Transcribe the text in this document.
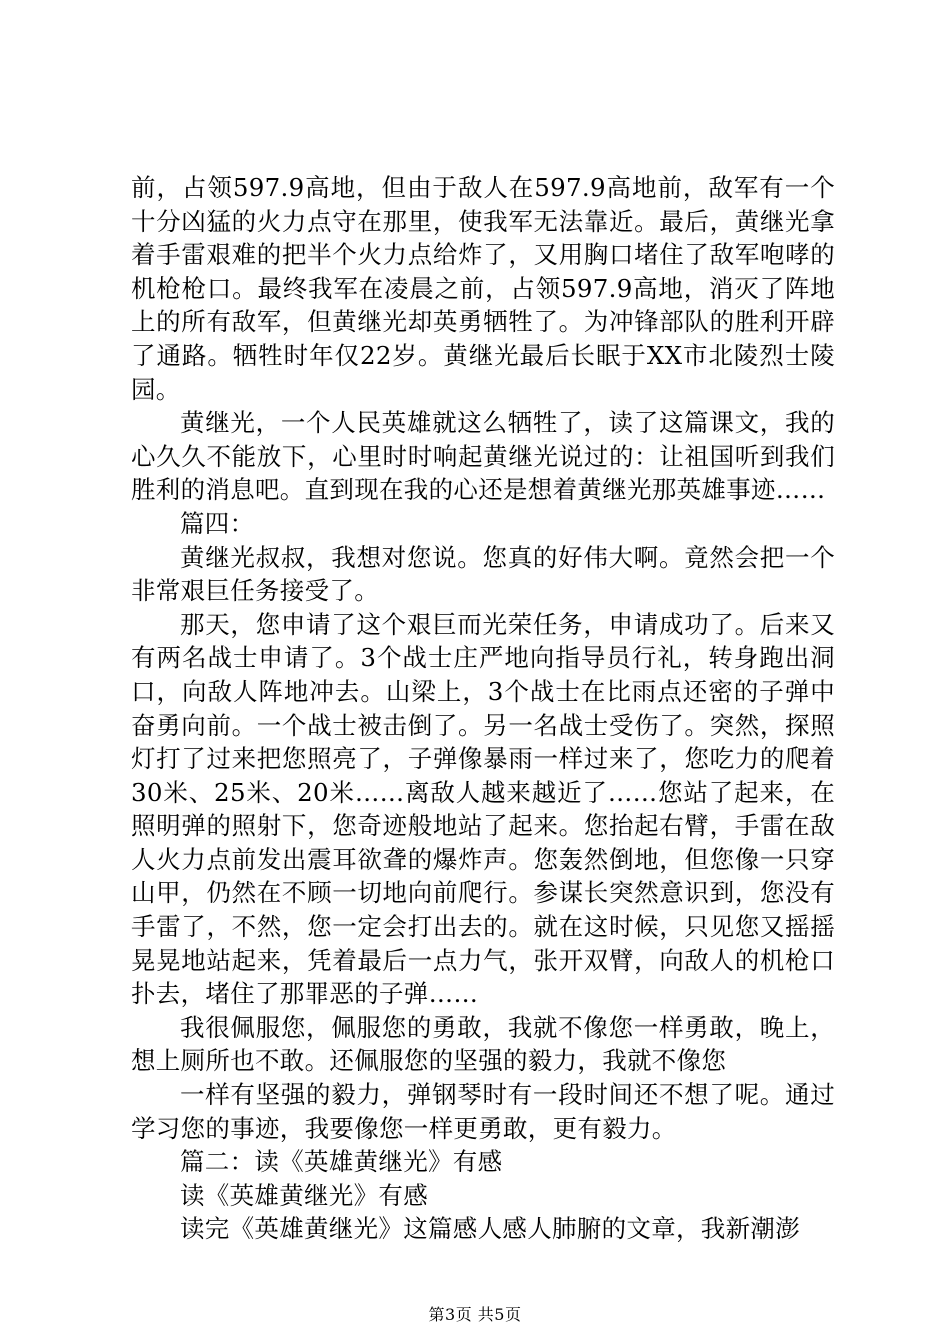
前，占领597.9高地，但由于敌人在597.9高地前，敌军有一个十分凶猛的火力点守在那里，使我军无法靠近。最后，黄继光拿着手雷艰难的把半个火力点给炸了，又用胸口堵住了敌军咆哮的机枪枪口。最终我军在凌晨之前，占领597.9高地，消灭了阵地上的所有敌军，但黄继光却英勇牺牲了。为冲锋部队的胜利开辟了通路。牺牲时年仅22岁。黄继光最后长眠于XX市北陵烈士陵园。

黄继光，一个人民英雄就这么牺牲了，读了这篇课文，我的心久久不能放下，心里时时响起黄继光说过的：让祖国听到我们胜利的消息吧。直到现在我的心还是想着黄继光那英雄事迹……

篇四：

黄继光叔叔，我想对您说。您真的好伟大啊。竟然会把一个非常艰巨任务接受了。

那天，您申请了这个艰巨而光荣任务，申请成功了。后来又有两名战士申请了。3个战士庄严地向指导员行礼，转身跑出洞口，向敌人阵地冲去。山梁上，3个战士在比雨点还密的子弹中奋勇向前。一个战士被击倒了。另一名战士受伤了。突然，探照灯打了过来把您照亮了，子弹像暴雨一样过来了，您吃力的爬着30米、25米、20米……离敌人越来越近了……您站了起来，在照明弹的照射下，您奇迹般地站了起来。您抬起右臂，手雷在敌人火力点前发出震耳欲聋的爆炸声。您轰然倒地，但您像一只穿山甲，仍然在不顾一切地向前爬行。参谋长突然意识到，您没有手雷了，不然，您一定会打出去的。就在这时候，只见您又摇摇晃晃地站起来，凭着最后一点力气，张开双臂，向敌人的机枪口扑去，堵住了那罪恶的子弹……

我很佩服您，佩服您的勇敢，我就不像您一样勇敢，晚上，想上厕所也不敢。还佩服您的坚强的毅力，我就不像您

一样有坚强的毅力，弹钢琴时有一段时间还不想了呢。通过学习您的事迹，我要像您一样更勇敢，更有毅力。

篇二：读《英雄黄继光》有感

读《英雄黄继光》有感

读完《英雄黄继光》这篇感人感人肺腑的文章，我新潮澎

第3页 共5页
